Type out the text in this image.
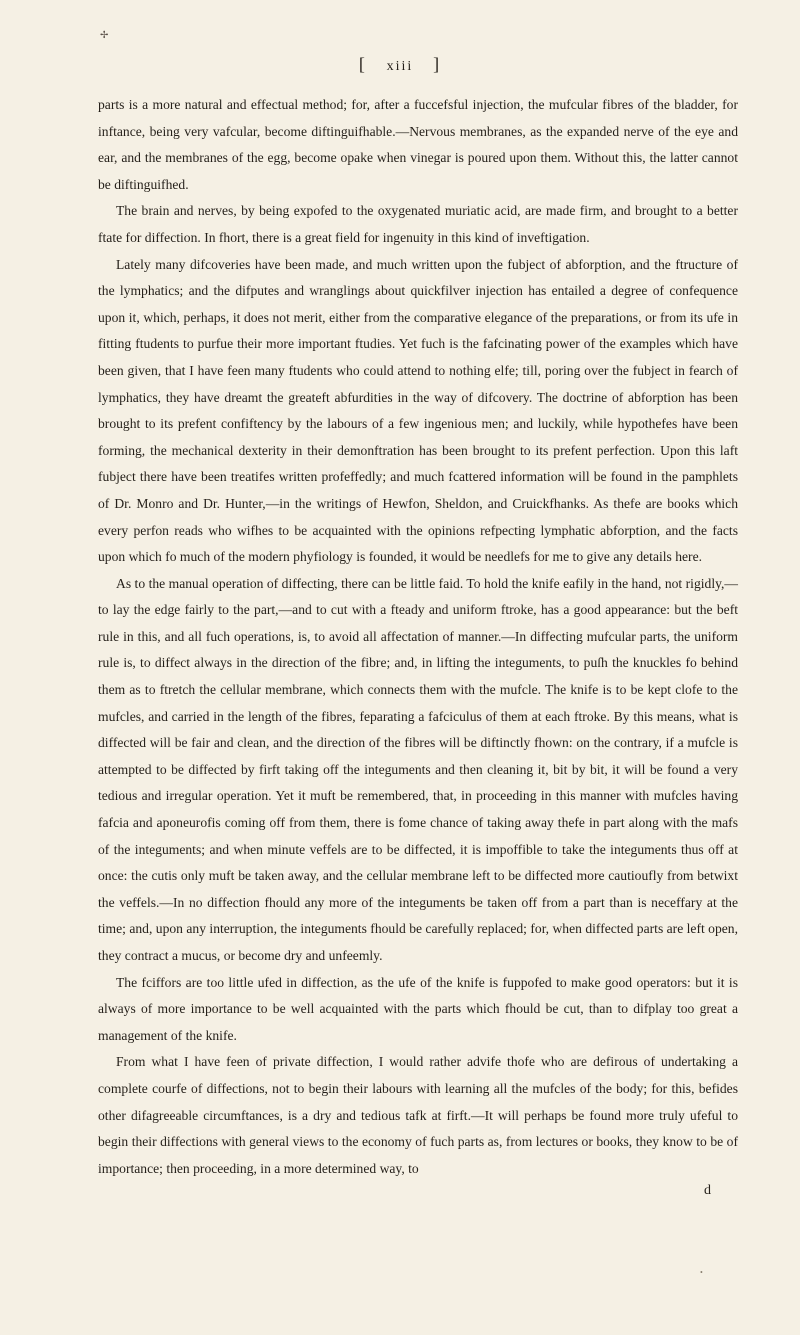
✢
[ xiii ]

parts is a more natural and effectual method; for, after a fuccefsful injection, the mufcular fibres of the bladder, for inftance, being very vafcular, become diftinguifhable.—Nervous membranes, as the expanded nerve of the eye and ear, and the membranes of the egg, become opake when vinegar is poured upon them. Without this, the latter cannot be diftinguifhed.

The brain and nerves, by being expofed to the oxygenated muriatic acid, are made firm, and brought to a better ftate for diffection. In fhort, there is a great field for ingenuity in this kind of inveftigation.

Lately many difcoveries have been made, and much written upon the fubject of abforption, and the ftructure of the lymphatics; and the difputes and wranglings about quickfilver injection has entailed a degree of confequence upon it, which, perhaps, it does not merit, either from the comparative elegance of the preparations, or from its ufe in fitting ftudents to purfue their more important ftudies. Yet fuch is the fafcinating power of the examples which have been given, that I have feen many ftudents who could attend to nothing elfe; till, poring over the fubject in fearch of lymphatics, they have dreamt the greateft abfurdities in the way of difcovery. The doctrine of abforption has been brought to its prefent confiftency by the labours of a few ingenious men; and luckily, while hypothefes have been forming, the mechanical dexterity in their demonftration has been brought to its prefent perfection. Upon this laft fubject there have been treatifes written profeffedly; and much fcattered information will be found in the pamphlets of Dr. Monro and Dr. Hunter,—in the writings of Hewfon, Sheldon, and Cruickfhanks. As thefe are books which every perfon reads who wifhes to be acquainted with the opinions refpecting lymphatic abforption, and the facts upon which fo much of the modern phyfiology is founded, it would be needlefs for me to give any details here.

As to the manual operation of diffecting, there can be little faid. To hold the knife eafily in the hand, not rigidly,—to lay the edge fairly to the part,—and to cut with a fteady and uniform ftroke, has a good appearance: but the beft rule in this, and all fuch operations, is, to avoid all affectation of manner.—In diffecting mufcular parts, the uniform rule is, to diffect always in the direction of the fibre; and, in lifting the integuments, to puſh the knuckles fo behind them as to ftretch the cellular membrane, which connects them with the mufcle. The knife is to be kept clofe to the mufcles, and carried in the length of the fibres, feparating a fafciculus of them at each ftroke. By this means, what is diffected will be fair and clean, and the direction of the fibres will be diftinctly fhown: on the contrary, if a mufcle is attempted to be diffected by firft taking off the integuments and then cleaning it, bit by bit, it will be found a very tedious and irregular operation. Yet it muft be remembered, that, in proceeding in this manner with mufcles having fafcia and aponeurofis coming off from them, there is fome chance of taking away thefe in part along with the mafs of the integuments; and when minute veffels are to be diffected, it is impoffible to take the integuments thus off at once: the cutis only muft be taken away, and the cellular membrane left to be diffected more cautioufly from betwixt the veffels.—In no diffection fhould any more of the integuments be taken off from a part than is neceffary at the time; and, upon any interruption, the integuments fhould be carefully replaced; for, when diffected parts are left open, they contract a mucus, or become dry and unfeemly.

The fciffors are too little ufed in diffection, as the ufe of the knife is fuppofed to make good operators: but it is always of more importance to be well acquainted with the parts which fhould be cut, than to difplay too great a management of the knife.

From what I have feen of private diffection, I would rather advife thofe who are defirous of undertaking a complete courfe of diffections, not to begin their labours with learning all the mufcles of the body; for this, befides other difagreeable circumftances, is a dry and tedious tafk at firft.—It will perhaps be found more truly ufeful to begin their diffections with general views to the economy of fuch parts as, from lectures or books, they know to be of importance; then proceeding, in a more determined way, to

d
•
